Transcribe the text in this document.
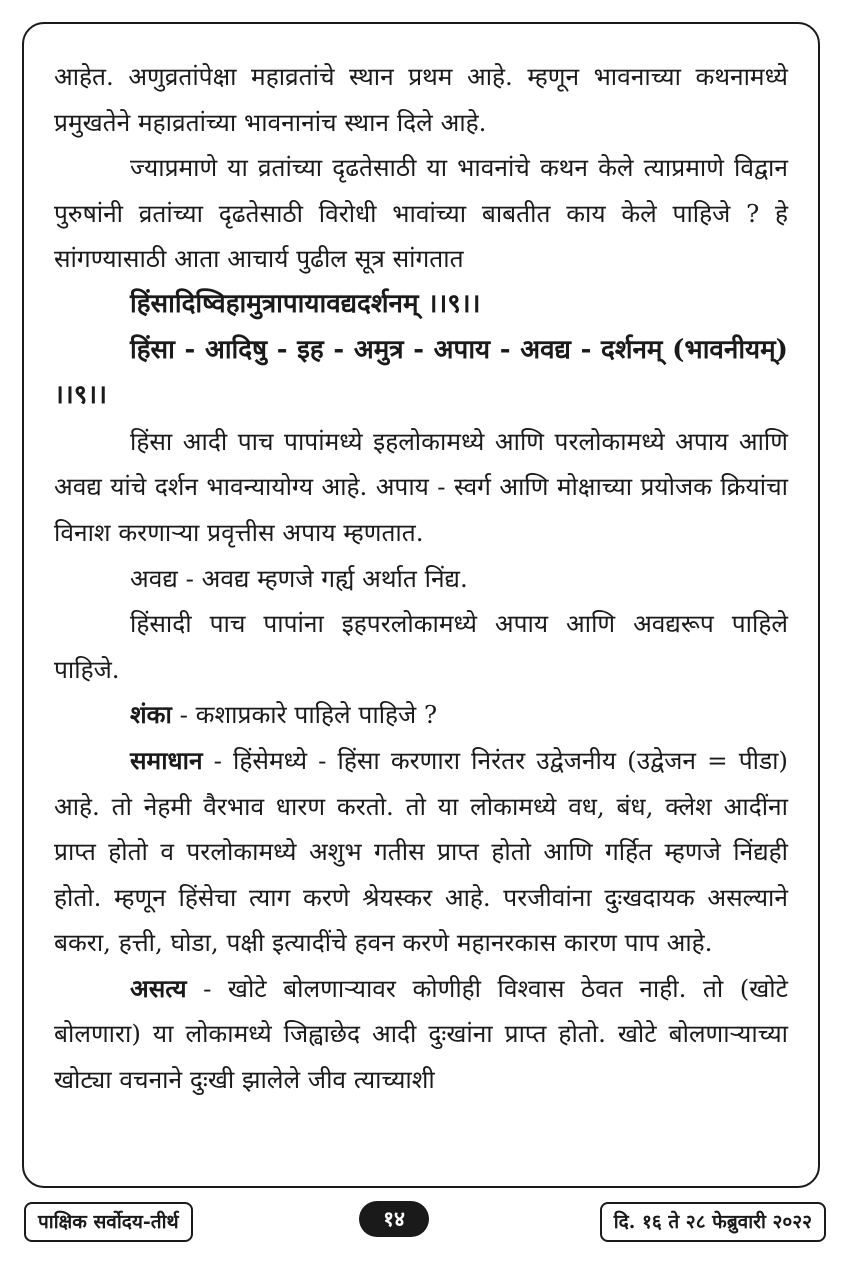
आहेत. अणुव्रतांपेक्षा महाव्रतांचे स्थान प्रथम आहे. म्हणून भावनाच्या कथनामध्ये प्रमुखतेने महाव्रतांच्या भावनानांच स्थान दिले आहे.

ज्याप्रमाणे या व्रतांच्या दृढतेसाठी या भावनांचे कथन केले त्याप्रमाणे विद्वान पुरुषांनी व्रतांच्या दृढतेसाठी विरोधी भावांच्या बाबतीत काय केले पाहिजे ? हे सांगण्यासाठी आता आचार्य पुढील सूत्र सांगतात

हिंसादिष्विहामुत्रापायावद्यदर्शनम् ।।९।।

हिंसा - आदिषु - इह - अमुत्र - अपाय - अवद्य - दर्शनम् (भावनीयम्) ।।९।।

हिंसा आदी पाच पापांमध्ये इहलोकामध्ये आणि परलोकामध्ये अपाय आणि अवद्य यांचे दर्शन भावन्यायोग्य आहे. अपाय - स्वर्ग आणि मोक्षाच्या प्रयोजक क्रियांचा विनाश करणाऱ्या प्रवृत्तीस अपाय म्हणतात.

अवद्य - अवद्य म्हणजे गर्ह्य अर्थात निंद्य.

हिंसादी पाच पापांना इहपरलोकामध्ये अपाय आणि अवद्यरूप पाहिले पाहिजे.

शंका - कशाप्रकारे पाहिले पाहिजे ?

समाधान - हिंसेमध्ये - हिंसा करणारा निरंतर उद्वेजनीय (उद्वेजन = पीडा) आहे. तो नेहमी वैरभाव धारण करतो. तो या लोकामध्ये वध, बंध, क्लेश आदींना प्राप्त होतो व परलोकामध्ये अशुभ गतीस प्राप्त होतो आणि गर्हित म्हणजे निंद्यही होतो. म्हणून हिंसेचा त्याग करणे श्रेयस्कर आहे. परजीवांना दुःखदायक असल्याने बकरा, हत्ती, घोडा, पक्षी इत्यादींचे हवन करणे महानरकास कारण पाप आहे.

असत्य - खोटे बोलणाऱ्यावर कोणीही विश्वास ठेवत नाही. तो (खोटे बोलणारा) या लोकामध्ये जिह्वाछेद आदी दुःखांना प्राप्त होतो. खोटे बोलणाऱ्याच्या खोट्या वचनाने दुःखी झालेले जीव त्याच्याशी

पाक्षिक सर्वोदय-तीर्थ	१४	दि. १६ ते २८ फेब्रुवारी २०२२
